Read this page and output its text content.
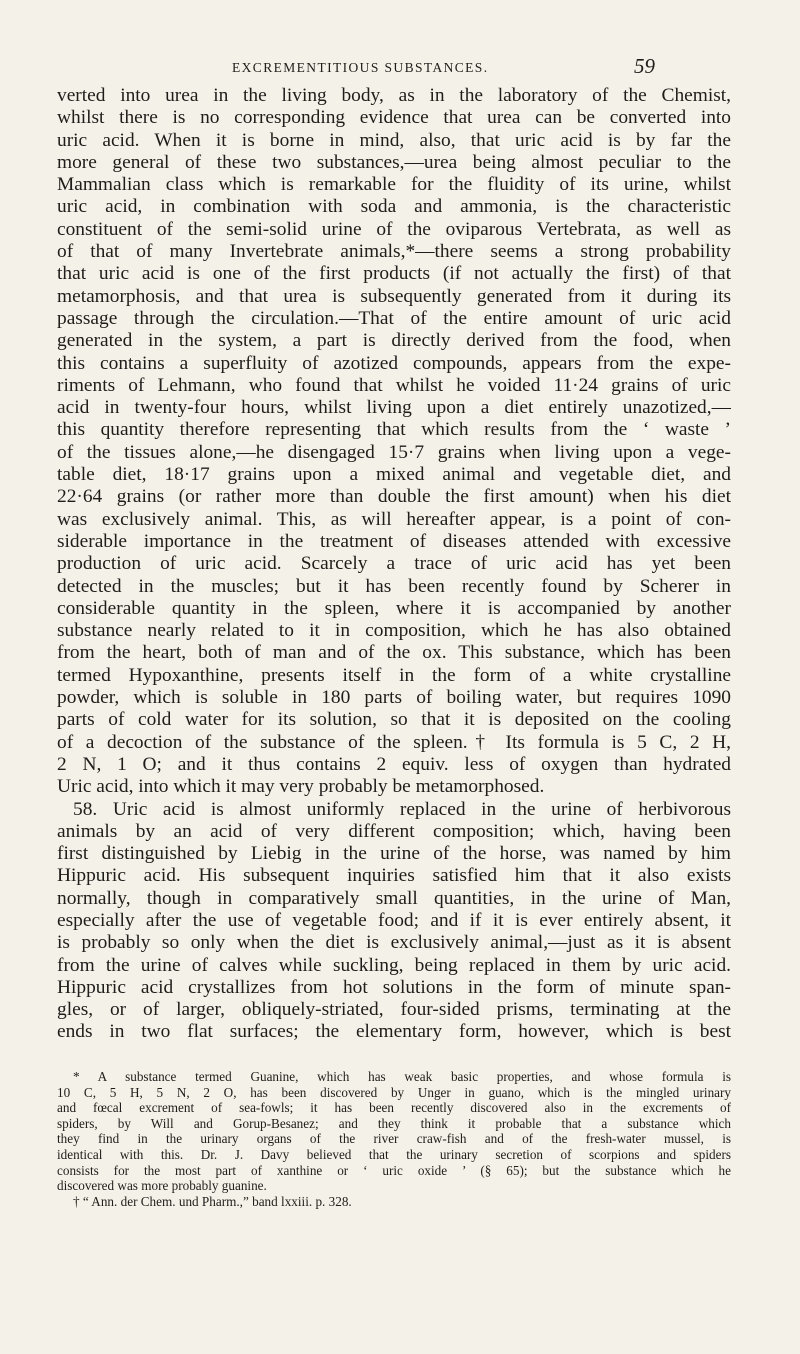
EXCREMENTITIOUS SUBSTANCES.	59
verted into urea in the living body, as in the laboratory of the Chemist,
whilst there is no corresponding evidence that urea can be converted into
uric acid. When it is borne in mind, also, that uric acid is by far the
more general of these two substances,—urea being almost peculiar to the
Mammalian class which is remarkable for the fluidity of its urine, whilst
uric acid, in combination with soda and ammonia, is the characteristic
constituent of the semi-solid urine of the oviparous Vertebrata, as well as
of that of many Invertebrate animals,*—there seems a strong probability
that uric acid is one of the first products (if not actually the first) of that
metamorphosis, and that urea is subsequently generated from it during its
passage through the circulation.—That of the entire amount of uric acid
generated in the system, a part is directly derived from the food, when
this contains a superfluity of azotized compounds, appears from the expe-
riments of Lehmann, who found that whilst he voided 11·24 grains of uric
acid in twenty-four hours, whilst living upon a diet entirely unazotized,—
this quantity therefore representing that which results from the ‘ waste ’
of the tissues alone,—he disengaged 15·7 grains when living upon a vege-
table diet, 18·17 grains upon a mixed animal and vegetable diet, and
22·64 grains (or rather more than double the first amount) when his diet
was exclusively animal. This, as will hereafter appear, is a point of con-
siderable importance in the treatment of diseases attended with excessive
production of uric acid. Scarcely a trace of uric acid has yet been
detected in the muscles; but it has been recently found by Scherer in
considerable quantity in the spleen, where it is accompanied by another
substance nearly related to it in composition, which he has also obtained
from the heart, both of man and of the ox. This substance, which has been
termed Hypoxanthine, presents itself in the form of a white crystalline
powder, which is soluble in 180 parts of boiling water, but requires 1090
parts of cold water for its solution, so that it is deposited on the cooling
of a decoction of the substance of the spleen.† Its formula is 5 C, 2 H,
2 N, 1 O; and it thus contains 2 equiv. less of oxygen than hydrated
Uric acid, into which it may very probably be metamorphosed.
58. Uric acid is almost uniformly replaced in the urine of herbivorous
animals by an acid of very different composition; which, having been
first distinguished by Liebig in the urine of the horse, was named by him
Hippuric acid. His subsequent inquiries satisfied him that it also exists
normally, though in comparatively small quantities, in the urine of Man,
especially after the use of vegetable food; and if it is ever entirely absent, it
is probably so only when the diet is exclusively animal,—just as it is absent
from the urine of calves while suckling, being replaced in them by uric acid.
Hippuric acid crystallizes from hot solutions in the form of minute span-
gles, or of larger, obliquely-striated, four-sided prisms, terminating at the
ends in two flat surfaces; the elementary form, however, which is best
* A substance termed Guanine, which has weak basic properties, and whose formula is
10 C, 5 H, 5 N, 2 O, has been discovered by Unger in guano, which is the mingled urinary
and fœcal excrement of sea-fowls; it has been recently discovered also in the excrements of
spiders, by Will and Gorup-Besanez; and they think it probable that a substance which
they find in the urinary organs of the river craw-fish and of the fresh-water mussel, is
identical with this. Dr. J. Davy believed that the urinary secretion of scorpions and spiders
consists for the most part of xanthine or ‘ uric oxide ’ (§ 65); but the substance which he
discovered was more probably guanine.
† “ Ann. der Chem. und Pharm.,” band lxxiii. p. 328.
